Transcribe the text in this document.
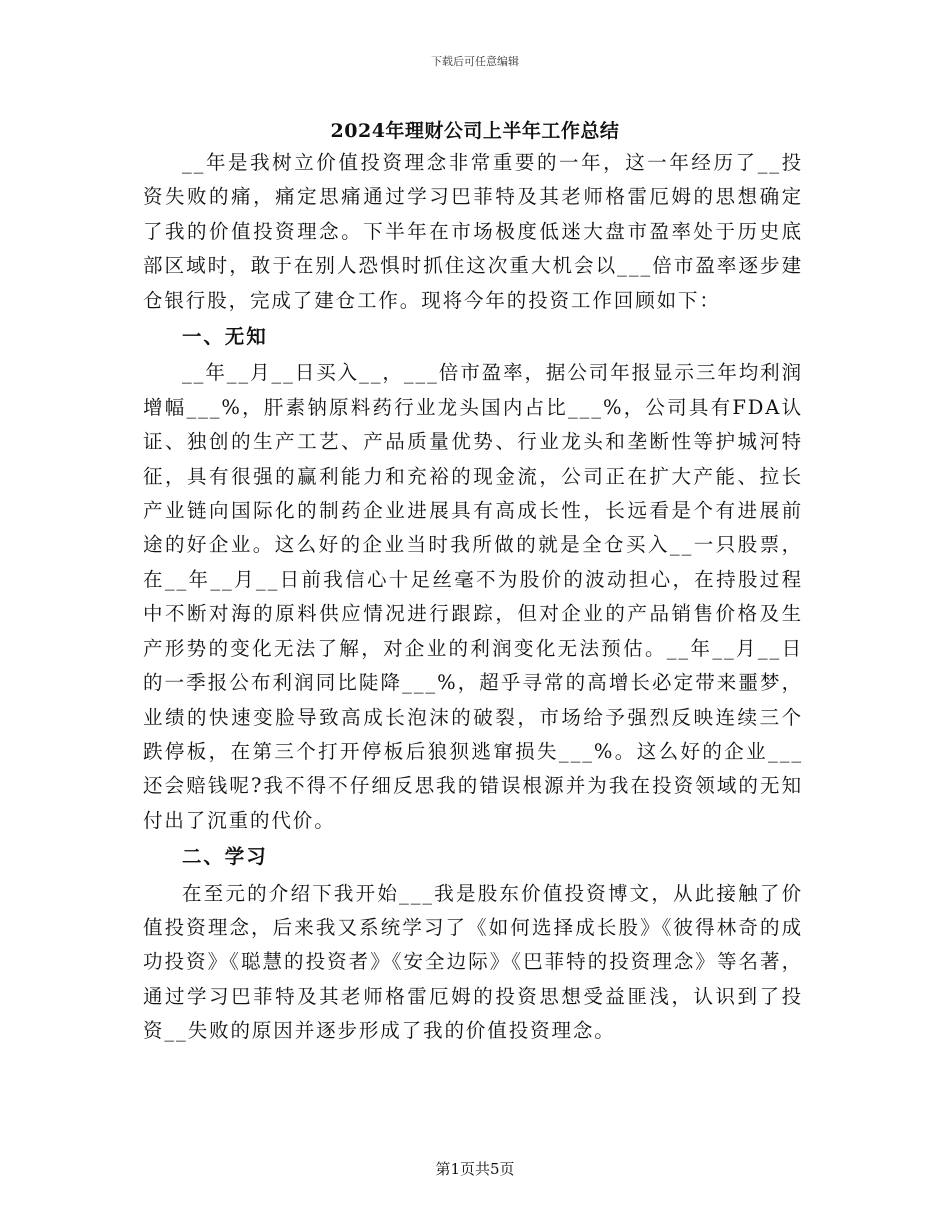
下载后可任意编辑
2024年理财公司上半年工作总结

__年是我树立价值投资理念非常重要的一年，这一年经历了__投资失败的痛，痛定思痛通过学习巴菲特及其老师格雷厄姆的思想确定了我的价值投资理念。下半年在市场极度低迷大盘市盈率处于历史底部区域时，敢于在别人恐惧时抓住这次重大机会以___倍市盈率逐步建仓银行股，完成了建仓工作。现将今年的投资工作回顾如下：

一、无知

__年__月__日买入__，___倍市盈率，据公司年报显示三年均利润增幅___%，肝素钠原料药行业龙头国内占比___%，公司具有FDA认证、独创的生产工艺、产品质量优势、行业龙头和垄断性等护城河特征，具有很强的赢利能力和充裕的现金流，公司正在扩大产能、拉长产业链向国际化的制药企业进展具有高成长性，长远看是个有进展前途的好企业。这么好的企业当时我所做的就是全仓买入__一只股票，在__年__月__日前我信心十足丝毫不为股价的波动担心，在持股过程中不断对海的原料供应情况进行跟踪，但对企业的产品销售价格及生产形势的变化无法了解，对企业的利润变化无法预估。__年__月__日的一季报公布利润同比陡降___%，超乎寻常的高增长必定带来噩梦，业绩的快速变脸导致高成长泡沫的破裂，市场给予强烈反映连续三个跌停板，在第三个打开停板后狼狈逃窜损失___%。这么好的企业___还会赔钱呢?我不得不仔细反思我的错误根源并为我在投资领域的无知付出了沉重的代价。

二、学习

在至元的介绍下我开始___我是股东价值投资博文，从此接触了价值投资理念，后来我又系统学习了《如何选择成长股》《彼得林奇的成功投资》《聪慧的投资者》《安全边际》《巴菲特的投资理念》等名著，通过学习巴菲特及其老师格雷厄姆的投资思想受益匪浅，认识到了投资__失败的原因并逐步形成了我的价值投资理念。

第1页共5页
